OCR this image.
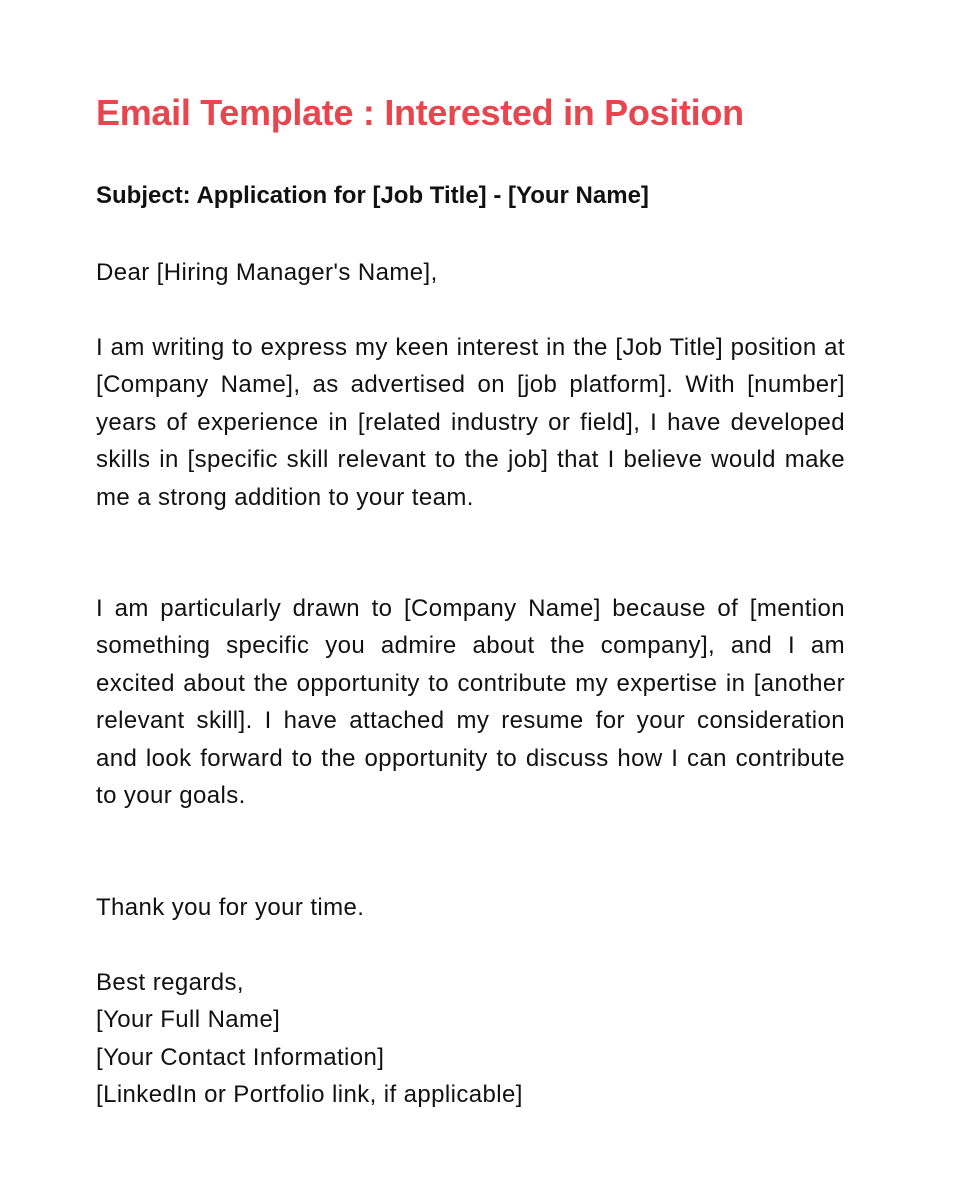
Email Template : Interested in Position

Subject: Application for [Job Title] - [Your Name]

Dear [Hiring Manager's Name],

I am writing to express my keen interest in the [Job Title] position at [Company Name], as advertised on [job platform]. With [number] years of experience in [related industry or field], I have developed skills in [specific skill relevant to the job] that I believe would make me a strong addition to your team.

I am particularly drawn to [Company Name] because of [mention something specific you admire about the company], and I am excited about the opportunity to contribute my expertise in [another relevant skill]. I have attached my resume for your consideration and look forward to the opportunity to discuss how I can contribute to your goals.

Thank you for your time.

Best regards,
[Your Full Name]
[Your Contact Information]
[LinkedIn or Portfolio link, if applicable]
